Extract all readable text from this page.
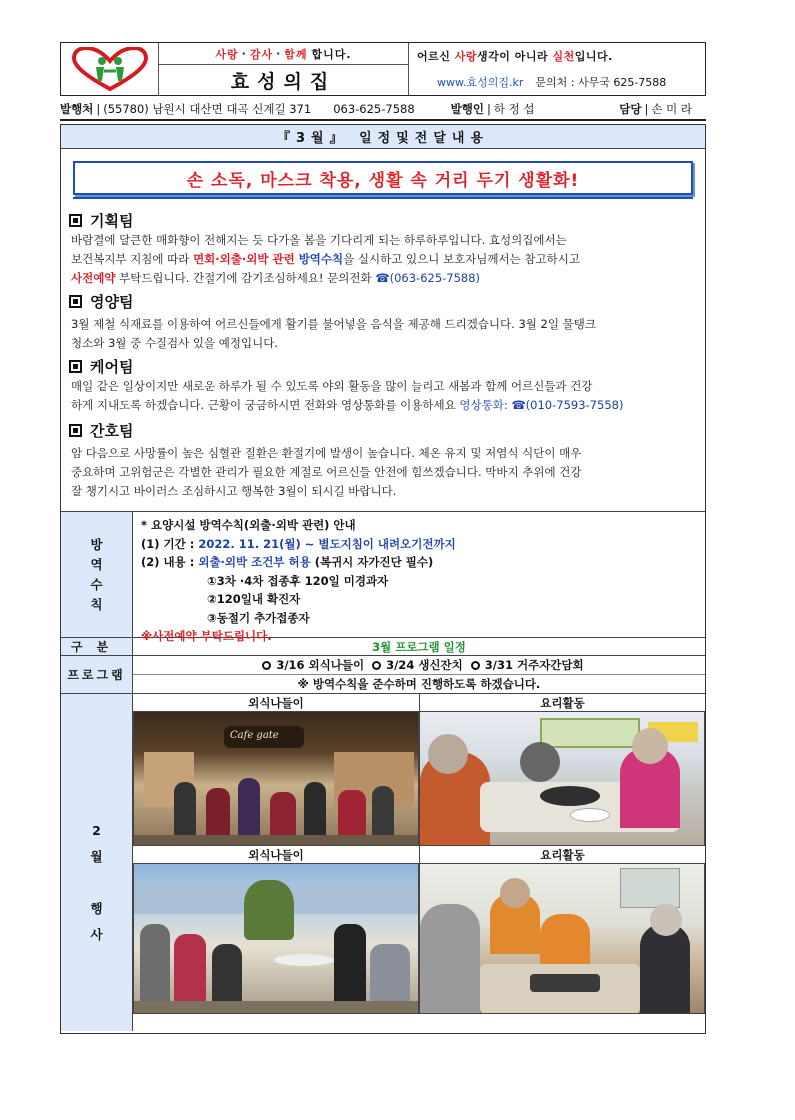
사랑 · 감사 · 함께 합니다.
효성의집
어르신
사랑 생각이 아니라
실천 입니다.
www.효성의집.kr 문의처 : 사무국 625-7588
발행처 | (55780) 남원시 대산면 대곡 신계길 371 063-625-7588	발행인 | 하 정 섭	담당 | 손 미 라
『3월』 일정및전달내용
손 소독, 마스크 착용, 생활 속 거리 두기 생활화!
기획팀
바람결에 달큰한 매화향이 전해지는 듯 다가올 봄을 기다리게 되는 하루하루입니다. 효성의집에서는
보건복지부 지침에 따라 면회·외출·외박 관련 방역수칙을 실시하고 있으니 보호자님께서는 참고하시고
사전예약 부탁드립니다. 간절기에 감기조심하세요! 문의전화 ☎(063-625-7588)
영양팀
3월 제철 식재료를 이용하여 어르신들에게 활기를 불어넣을 음식을 제공해 드리겠습니다. 3월 2일 물탱크
청소와 3월 중 수질검사 있을 예정입니다.
케어팀
매일 같은 일상이지만 새로운 하루가 될 수 있도록 야외 활동을 많이 늘리고 새봄과 함께 어르신들과 건강
하게 지내도록 하겠습니다. 근황이 궁금하시면 전화와 영상통화를 이용하세요 영상통화: ☎(010-7593-7558)
간호팀
암 다음으로 사망률이 높은 심혈관 질환은 환절기에 발생이 높습니다. 체온 유지 및 저염식 식단이 매우
중요하며 고위험군은 각별한 관리가 필요한 계절로 어르신들 안전에 힘쓰겠습니다. 막바지 추위에 건강
잘 챙기시고 바이러스 조심하시고 행복한 3월이 되시길 바랍니다.
방
역
수
칙
* 요양시설 방역수칙(외출·외박 관련) 안내
(1) 기간 : 2022. 11. 21(월) ~ 별도지침이 내려오기전까지
(2) 내용 : 외출·외박 조건부 허용 (복귀시 자가진단 필수)
①3차 ·4차 접종후 120일 미경과자
②120일내 확진자
③동절기 추가접종자
※사전예약 부탁드립니다.
구분	3월 프로그램 일정
프로그램
3/16 외식나들이 3/24 생신잔치 3/31 거주자간담회
※ 방역수칙을 준수하며 진행하도록 하겠습니다.
2
월
행
사
외식나들이	요리활동
Cafe gate
외식나들이	요리활동
